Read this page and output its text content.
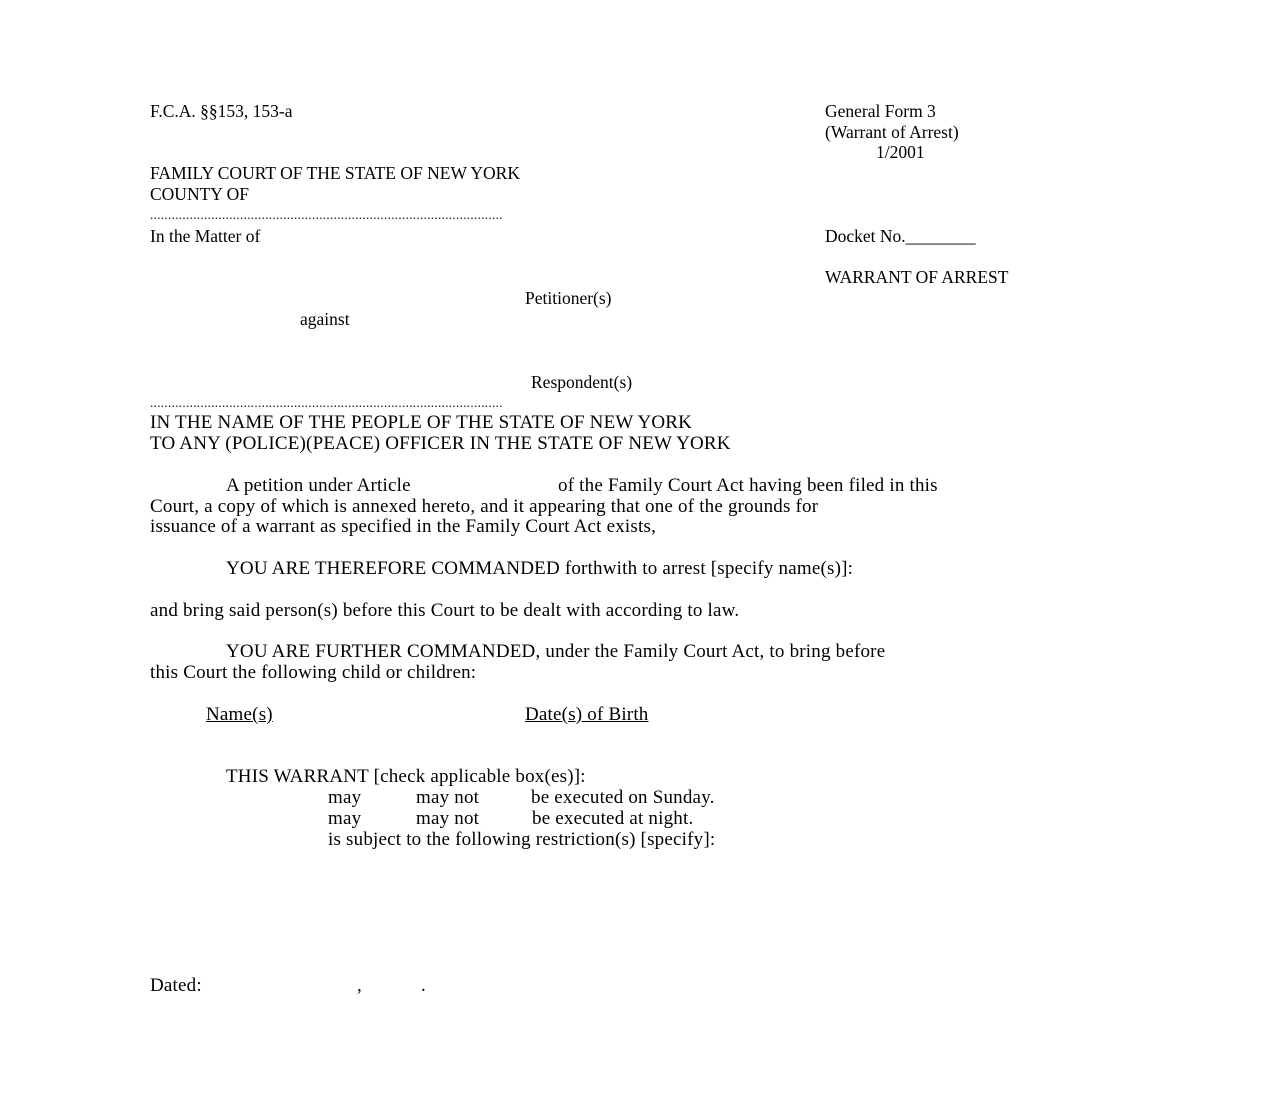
F.C.A. §§153, 153-a	General Form 3
(Warrant of Arrest)
1/2001
FAMILY COURT OF THE STATE OF NEW YORK
COUNTY OF
..................................................................................................
In the Matter of	Docket No.________
WARRANT OF ARREST
Petitioner(s)
against
Respondent(s)
..................................................................................................
IN THE NAME OF THE PEOPLE OF THE STATE OF NEW YORK
TO ANY (POLICE)(PEACE) OFFICER IN THE STATE OF NEW YORK
A petition under Article	of the Family Court Act having been filed in this
Court, a copy of which is annexed hereto, and it appearing that one of the grounds for
issuance of a warrant as specified in the Family Court Act exists,
YOU ARE THEREFORE COMMANDED forthwith to arrest [specify name(s)]:
and bring said person(s) before this Court to be dealt with according to law.
YOU ARE FURTHER COMMANDED, under the Family Court Act, to bring before
this Court the following child or children:
Name(s)	Date(s) of Birth
THIS WARRANT [check applicable box(es)]:
may	may not	be executed on Sunday.
may	may not	be executed at night.
is subject to the following restriction(s) [specify]:
Dated:	,	.
